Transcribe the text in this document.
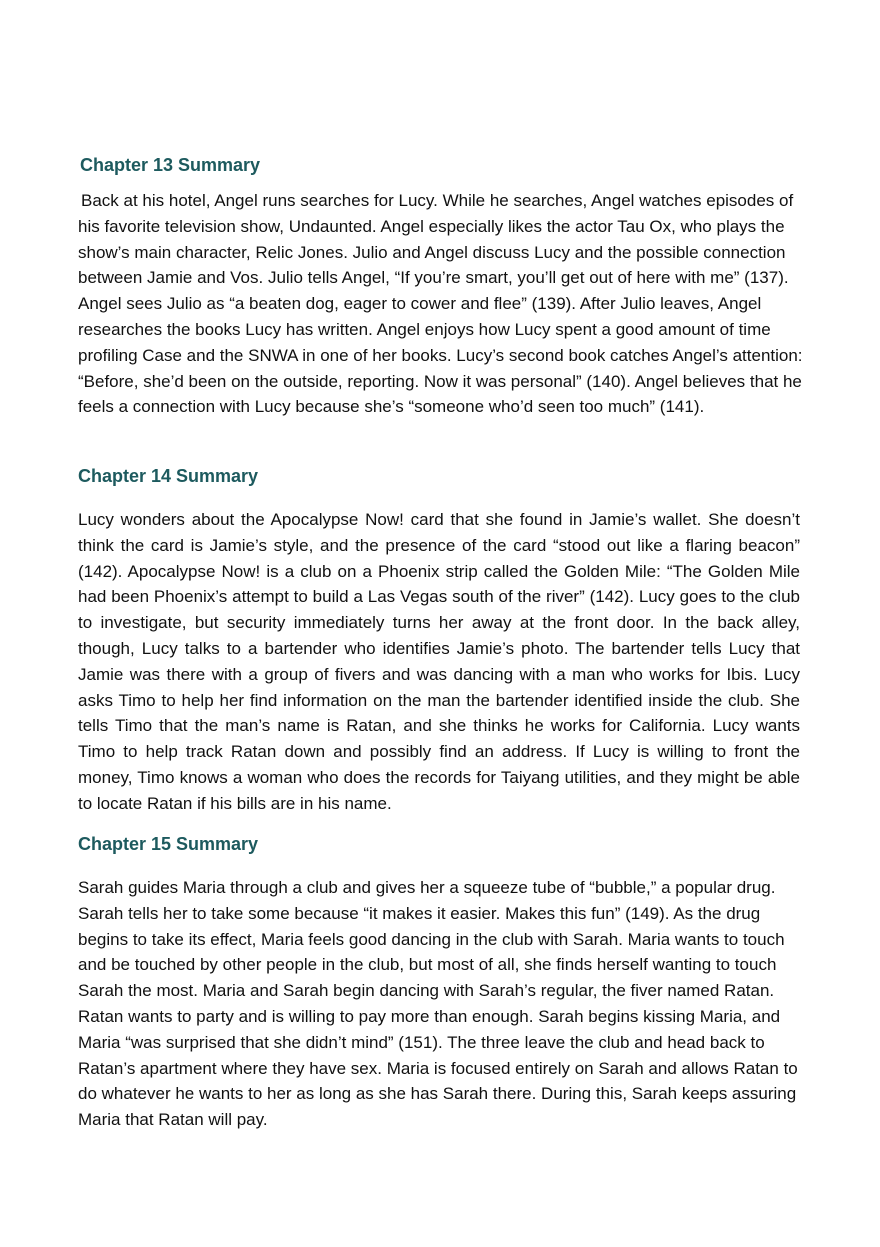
Chapter 13 Summary

Back at his hotel, Angel runs searches for Lucy. While he searches, Angel watches episodes of his favorite television show, Undaunted. Angel especially likes the actor Tau Ox, who plays the show’s main character, Relic Jones. Julio and Angel discuss Lucy and the possible connection between Jamie and Vos. Julio tells Angel, “If you’re smart, you’ll get out of here with me” (137). Angel sees Julio as “a beaten dog, eager to cower and flee” (139). After Julio leaves, Angel researches the books Lucy has written. Angel enjoys how Lucy spent a good amount of time profiling Case and the SNWA in one of her books. Lucy’s second book catches Angel’s attention: “Before, she’d been on the outside, reporting. Now it was personal” (140). Angel believes that he feels a connection with Lucy because she’s “someone who’d seen too much” (141).

Chapter 14 Summary

Lucy wonders about the Apocalypse Now! card that she found in Jamie’s wallet. She doesn’t think the card is Jamie’s style, and the presence of the card “stood out like a flaring beacon” (142). Apocalypse Now! is a club on a Phoenix strip called the Golden Mile: “The Golden Mile had been Phoenix’s attempt to build a Las Vegas south of the river” (142). Lucy goes to the club to investigate, but security immediately turns her away at the front door. In the back alley, though, Lucy talks to a bartender who identifies Jamie’s photo. The bartender tells Lucy that Jamie was there with a group of fivers and was dancing with a man who works for Ibis. Lucy asks Timo to help her find information on the man the bartender identified inside the club. She tells Timo that the man’s name is Ratan, and she thinks he works for California. Lucy wants Timo to help track Ratan down and possibly find an address. If Lucy is willing to front the money, Timo knows a woman who does the records for Taiyang utilities, and they might be able to locate Ratan if his bills are in his name.

Chapter 15 Summary

Sarah guides Maria through a club and gives her a squeeze tube of “bubble,” a popular drug. Sarah tells her to take some because “it makes it easier. Makes this fun” (149). As the drug begins to take its effect, Maria feels good dancing in the club with Sarah. Maria wants to touch and be touched by other people in the club, but most of all, she finds herself wanting to touch Sarah the most. Maria and Sarah begin dancing with Sarah’s regular, the fiver named Ratan. Ratan wants to party and is willing to pay more than enough. Sarah begins kissing Maria, and Maria “was surprised that she didn’t mind” (151). The three leave the club and head back to Ratan’s apartment where they have sex. Maria is focused entirely on Sarah and allows Ratan to do whatever he wants to her as long as she has Sarah there. During this, Sarah keeps assuring Maria that Ratan will pay.
